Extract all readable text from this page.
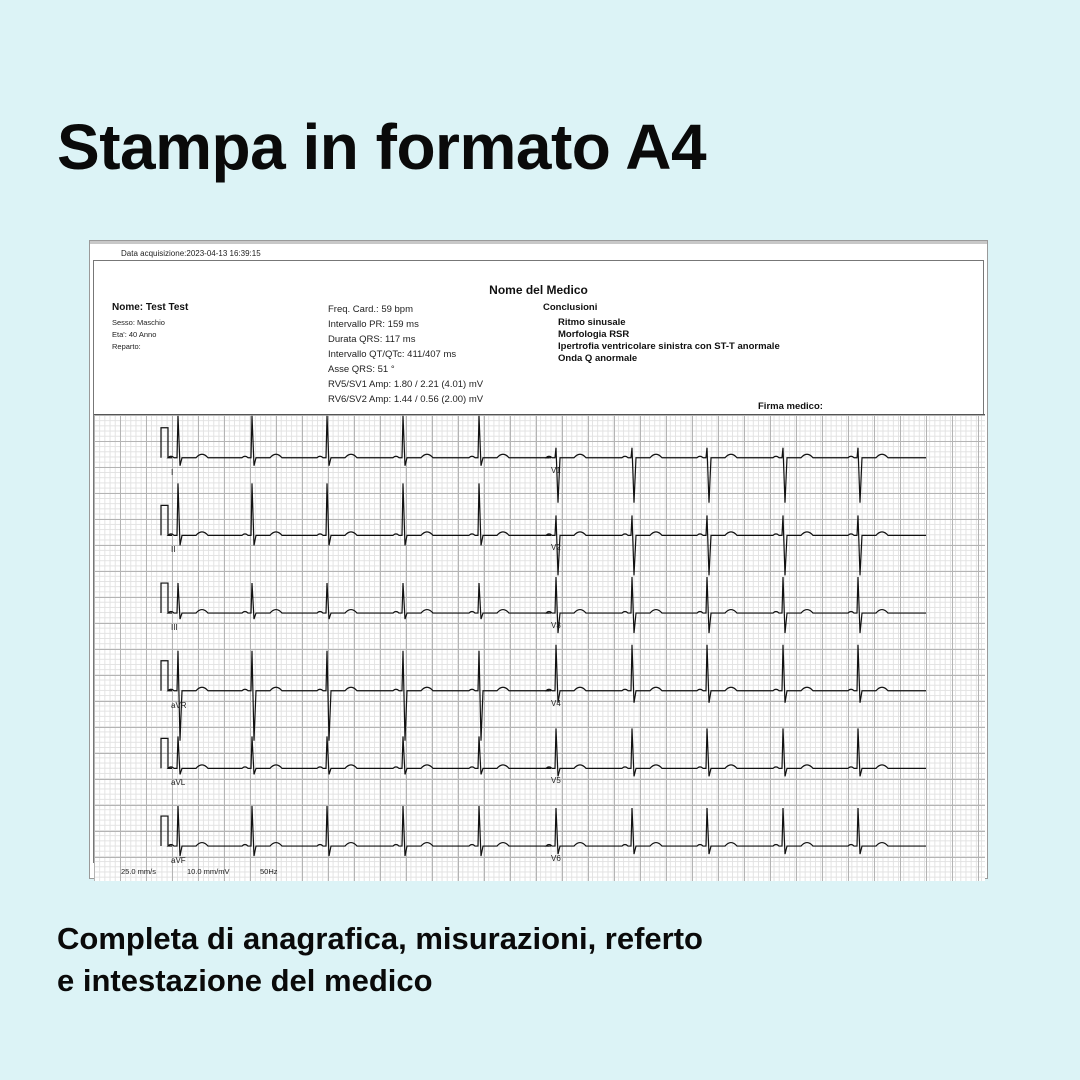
Stampa in formato A4
Data acquisizione:2023-04-13 16:39:15
Nome del Medico
Nome: Test Test
Sesso: Maschio
Eta': 40 Anno
Reparto:
Freq. Card.: 59 bpm
Intervallo PR: 159 ms
Durata QRS: 117 ms
Intervallo QT/QTc: 411/407 ms
Asse QRS: 51 °
RV5/SV1 Amp: 1.80 / 2.21 (4.01) mV
RV6/SV2 Amp: 1.44 / 0.56 (2.00) mV
Conclusioni
Ritmo sinusale
Morfologia RSR
Ipertrofia ventricolare sinistra con ST-T anormale
Onda Q anormale
Firma medico:
I	V1
II	V2
III	V3
aVR	V4
aVL	V5
aVF	V6
25.0 mm/s	10.0 mm/mV	50Hz
Completa di anagrafica, misurazioni, referto
e intestazione del medico
